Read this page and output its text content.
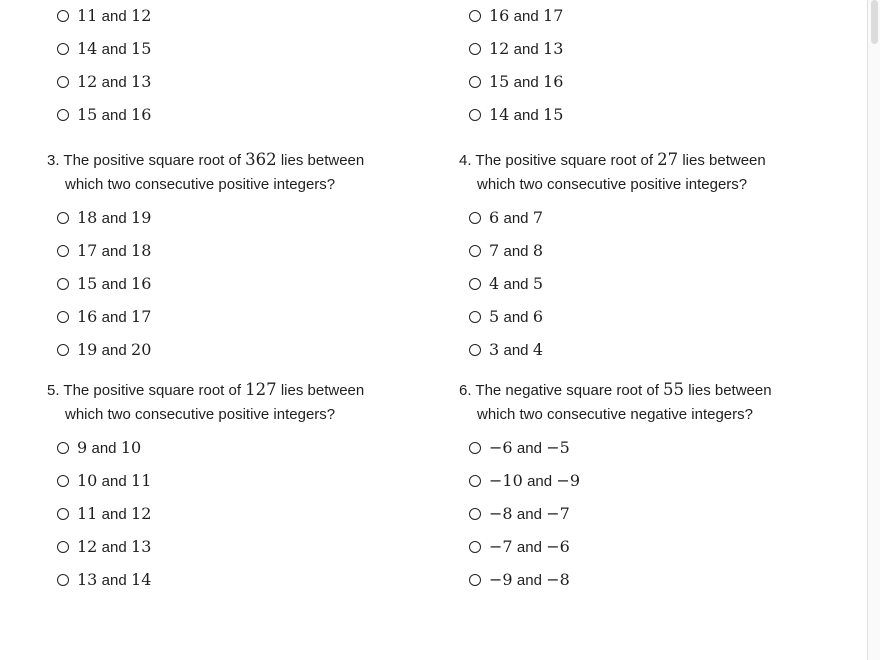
11 and 12
14 and 15
12 and 13
15 and 16
16 and 17
12 and 13
15 and 16
14 and 15

3. The positive square root of 362 lies between
which two consecutive positive integers?

18 and 19
17 and 18
15 and 16
16 and 17
19 and 20

4. The positive square root of 27 lies between
which two consecutive positive integers?

6 and 7
7 and 8
4 and 5
5 and 6
3 and 4

5. The positive square root of 127 lies between
which two consecutive positive integers?

9 and 10
10 and 11
11 and 12
12 and 13
13 and 14

6. The negative square root of 55 lies between
which two consecutive negative integers?

−6 and −5
−10 and −9
−8 and −7
−7 and −6
−9 and −8
